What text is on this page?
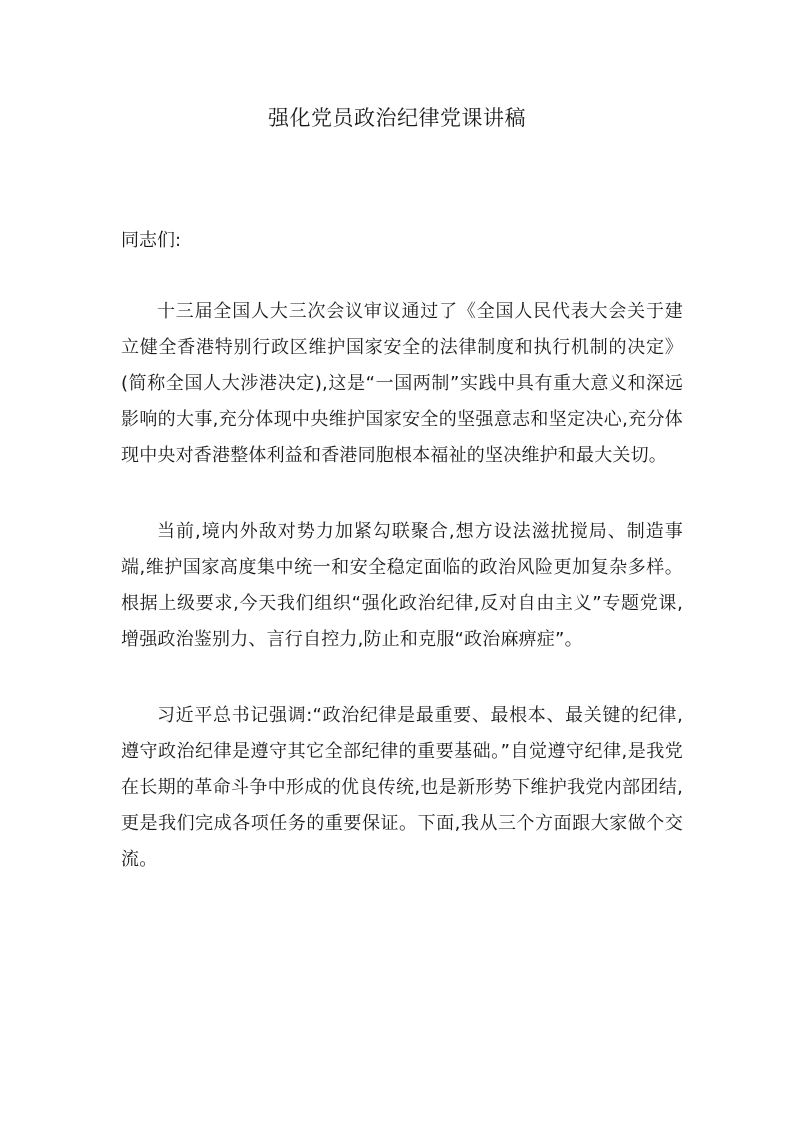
强化党员政治纪律党课讲稿

同志们:

十三届全国人大三次会议审议通过了《全国人民代表大会关于建立健全香港特别行政区维护国家安全的法律制度和执行机制的决定》(简称全国人大涉港决定),这是“一国两制”实践中具有重大意义和深远影响的大事,充分体现中央维护国家安全的坚强意志和坚定决心,充分体现中央对香港整体利益和香港同胞根本福祉的坚决维护和最大关切。

当前,境内外敌对势力加紧勾联聚合,想方设法滋扰搅局、制造事端,维护国家高度集中统一和安全稳定面临的政治风险更加复杂多样。根据上级要求,今天我们组织“强化政治纪律,反对自由主义”专题党课,增强政治鉴别力、言行自控力,防止和克服“政治麻痹症”。

习近平总书记强调:“政治纪律是最重要、最根本、最关键的纪律,遵守政治纪律是遵守其它全部纪律的重要基础。”自觉遵守纪律,是我党在长期的革命斗争中形成的优良传统,也是新形势下维护我党内部团结,更是我们完成各项任务的重要保证。下面,我从三个方面跟大家做个交流。
